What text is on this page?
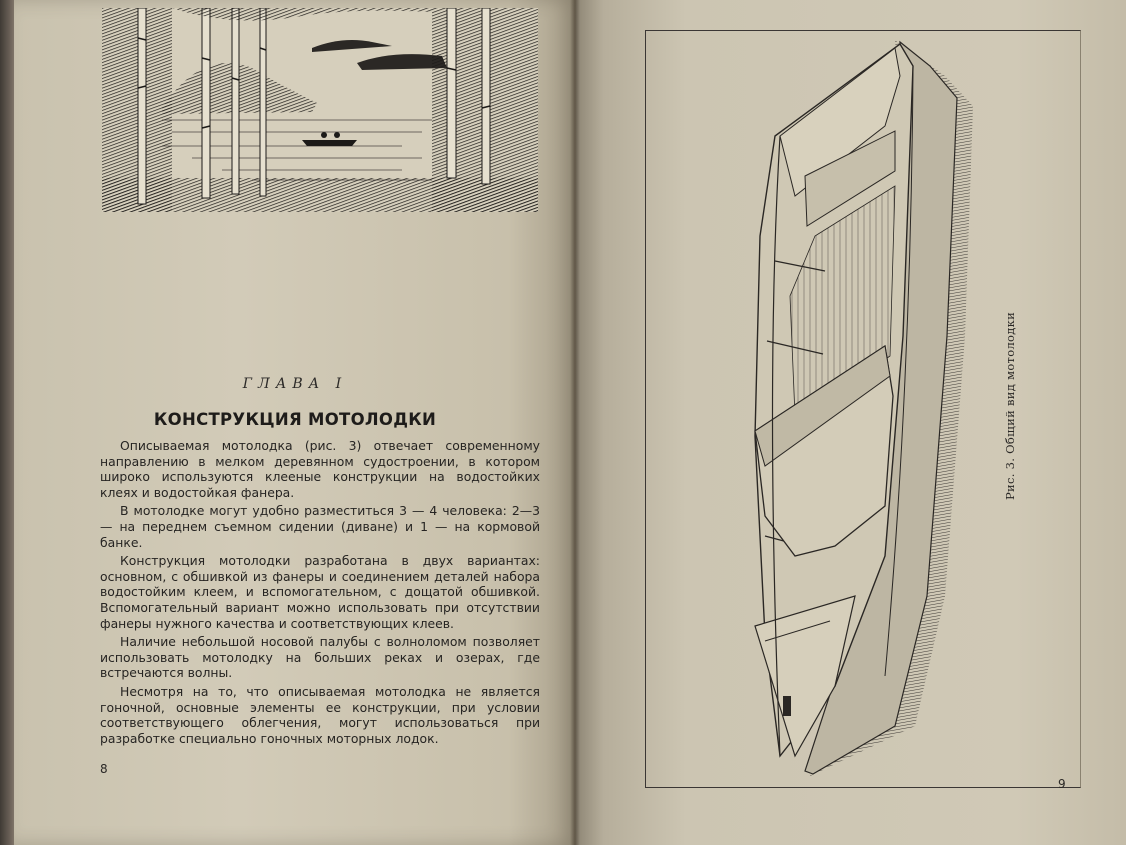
ГЛАВА I
КОНСТРУКЦИЯ МОТОЛОДКИ

Описываемая мотолодка (рис. 3) отвечает современному направлению в мелком деревянном судостроении, в котором широко используются клееные конструкции на водостойких клеях и водостойкая фанера.

В мотолодке могут удобно разместиться 3 — 4 человека: 2—3 — на переднем съемном сидении (диване) и 1 — на кормовой банке.

Конструкция мотолодки разработана в двух вариантах: основном, с обшивкой из фанеры и соединением деталей набора водостойким клеем, и вспомогательном, с дощатой обшивкой. Вспомогательный вариант можно использовать при отсутствии фанеры нужного качества и соответствующих клеев.

Наличие небольшой носовой палубы с волноломом позволяет использовать мотолодку на больших реках и озерах, где встречаются волны.

Несмотря на то, что описываемая мотолодка не является гоночной, основные элементы ее конструкции, при условии соответствующего облегчения, могут использоваться при разработке специально гоночных моторных лодок.

8
Рис. 3. Общий вид мотолодки
9
